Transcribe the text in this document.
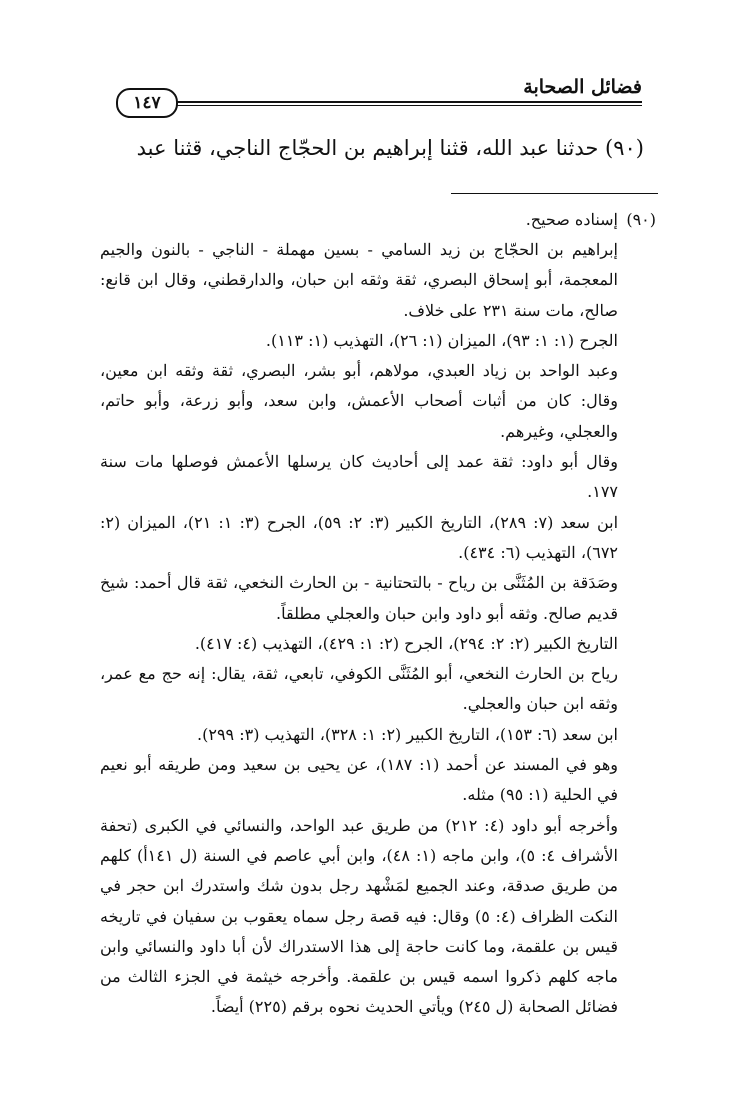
فضائل الصحابة
١٤٧
(٩٠) حدثنا عبد الله، قثنا إبراهيم بن الحجّاج الناجي، قثنا عبد
(٩٠)
إسناده صحيح.
إبراهيم بن الحجّاج بن زيد السامي - بسين مهملة - الناجي - بالنون والجيم المعجمة، أبو إسحاق البصري، ثقة وثقه ابن حبان، والدارقطني، وقال ابن قانع: صالح، مات سنة ٢٣١ على خلاف.
الجرح (١: ١: ٩٣)، الميزان (١: ٢٦)، التهذيب (١: ١١٣).
وعبد الواحد بن زياد العبدي، مولاهم، أبو بشر، البصري، ثقة وثقه ابن معين، وقال: كان من أثبات أصحاب الأعمش، وابن سعد، وأبو زرعة، وأبو حاتم، والعجلي، وغيرهم.
وقال أبو داود: ثقة عمد إلى أحاديث كان يرسلها الأعمش فوصلها مات سنة ١٧٧.
ابن سعد (٧: ٢٨٩)، التاريخ الكبير (٣: ٢: ٥٩)، الجرح (٣: ١: ٢١)، الميزان (٢: ٦٧٢)، التهذيب (٦: ٤٣٤).
وصَدَقة بن المُثَنَّى بن رياح - بالتحتانية - بن الحارث النخعي، ثقة قال أحمد: شيخ قديم صالح. وثقه أبو داود وابن حبان والعجلي مطلقاً.
التاريخ الكبير (٢: ٢: ٢٩٤)، الجرح (٢: ١: ٤٢٩)، التهذيب (٤: ٤١٧).
رياح بن الحارث النخعي، أبو المُثَنَّى الكوفي، تابعي، ثقة، يقال: إنه حج مع عمر، وثقه ابن حبان والعجلي.
ابن سعد (٦: ١٥٣)، التاريخ الكبير (٢: ١: ٣٢٨)، التهذيب (٣: ٢٩٩).
وهو في المسند عن أحمد (١: ١٨٧)، عن يحيى بن سعيد ومن طريقه أبو نعيم في الحلية (١: ٩٥) مثله.
وأخرجه أبو داود (٤: ٢١٢) من طريق عبد الواحد، والنسائي في الكبرى (تحفة الأشراف ٤: ٥)، وابن ماجه (١: ٤٨)، وابن أبي عاصم في السنة (ل ١٤١أ) كلهم من طريق صدقة، وعند الجميع لمَشْهد رجل بدون شك واستدرك ابن حجر في النكت الظراف (٤: ٥) وقال: فيه قصة رجل سماه يعقوب بن سفيان في تاريخه قيس بن علقمة، وما كانت حاجة إلى هذا الاستدراك لأن أبا داود والنسائي وابن ماجه كلهم ذكروا اسمه قيس بن علقمة. وأخرجه خيثمة في الجزء الثالث من فضائل الصحابة (ل ٢٤٥) ويأتي الحديث نحوه برقم (٢٢٥) أيضاً.
